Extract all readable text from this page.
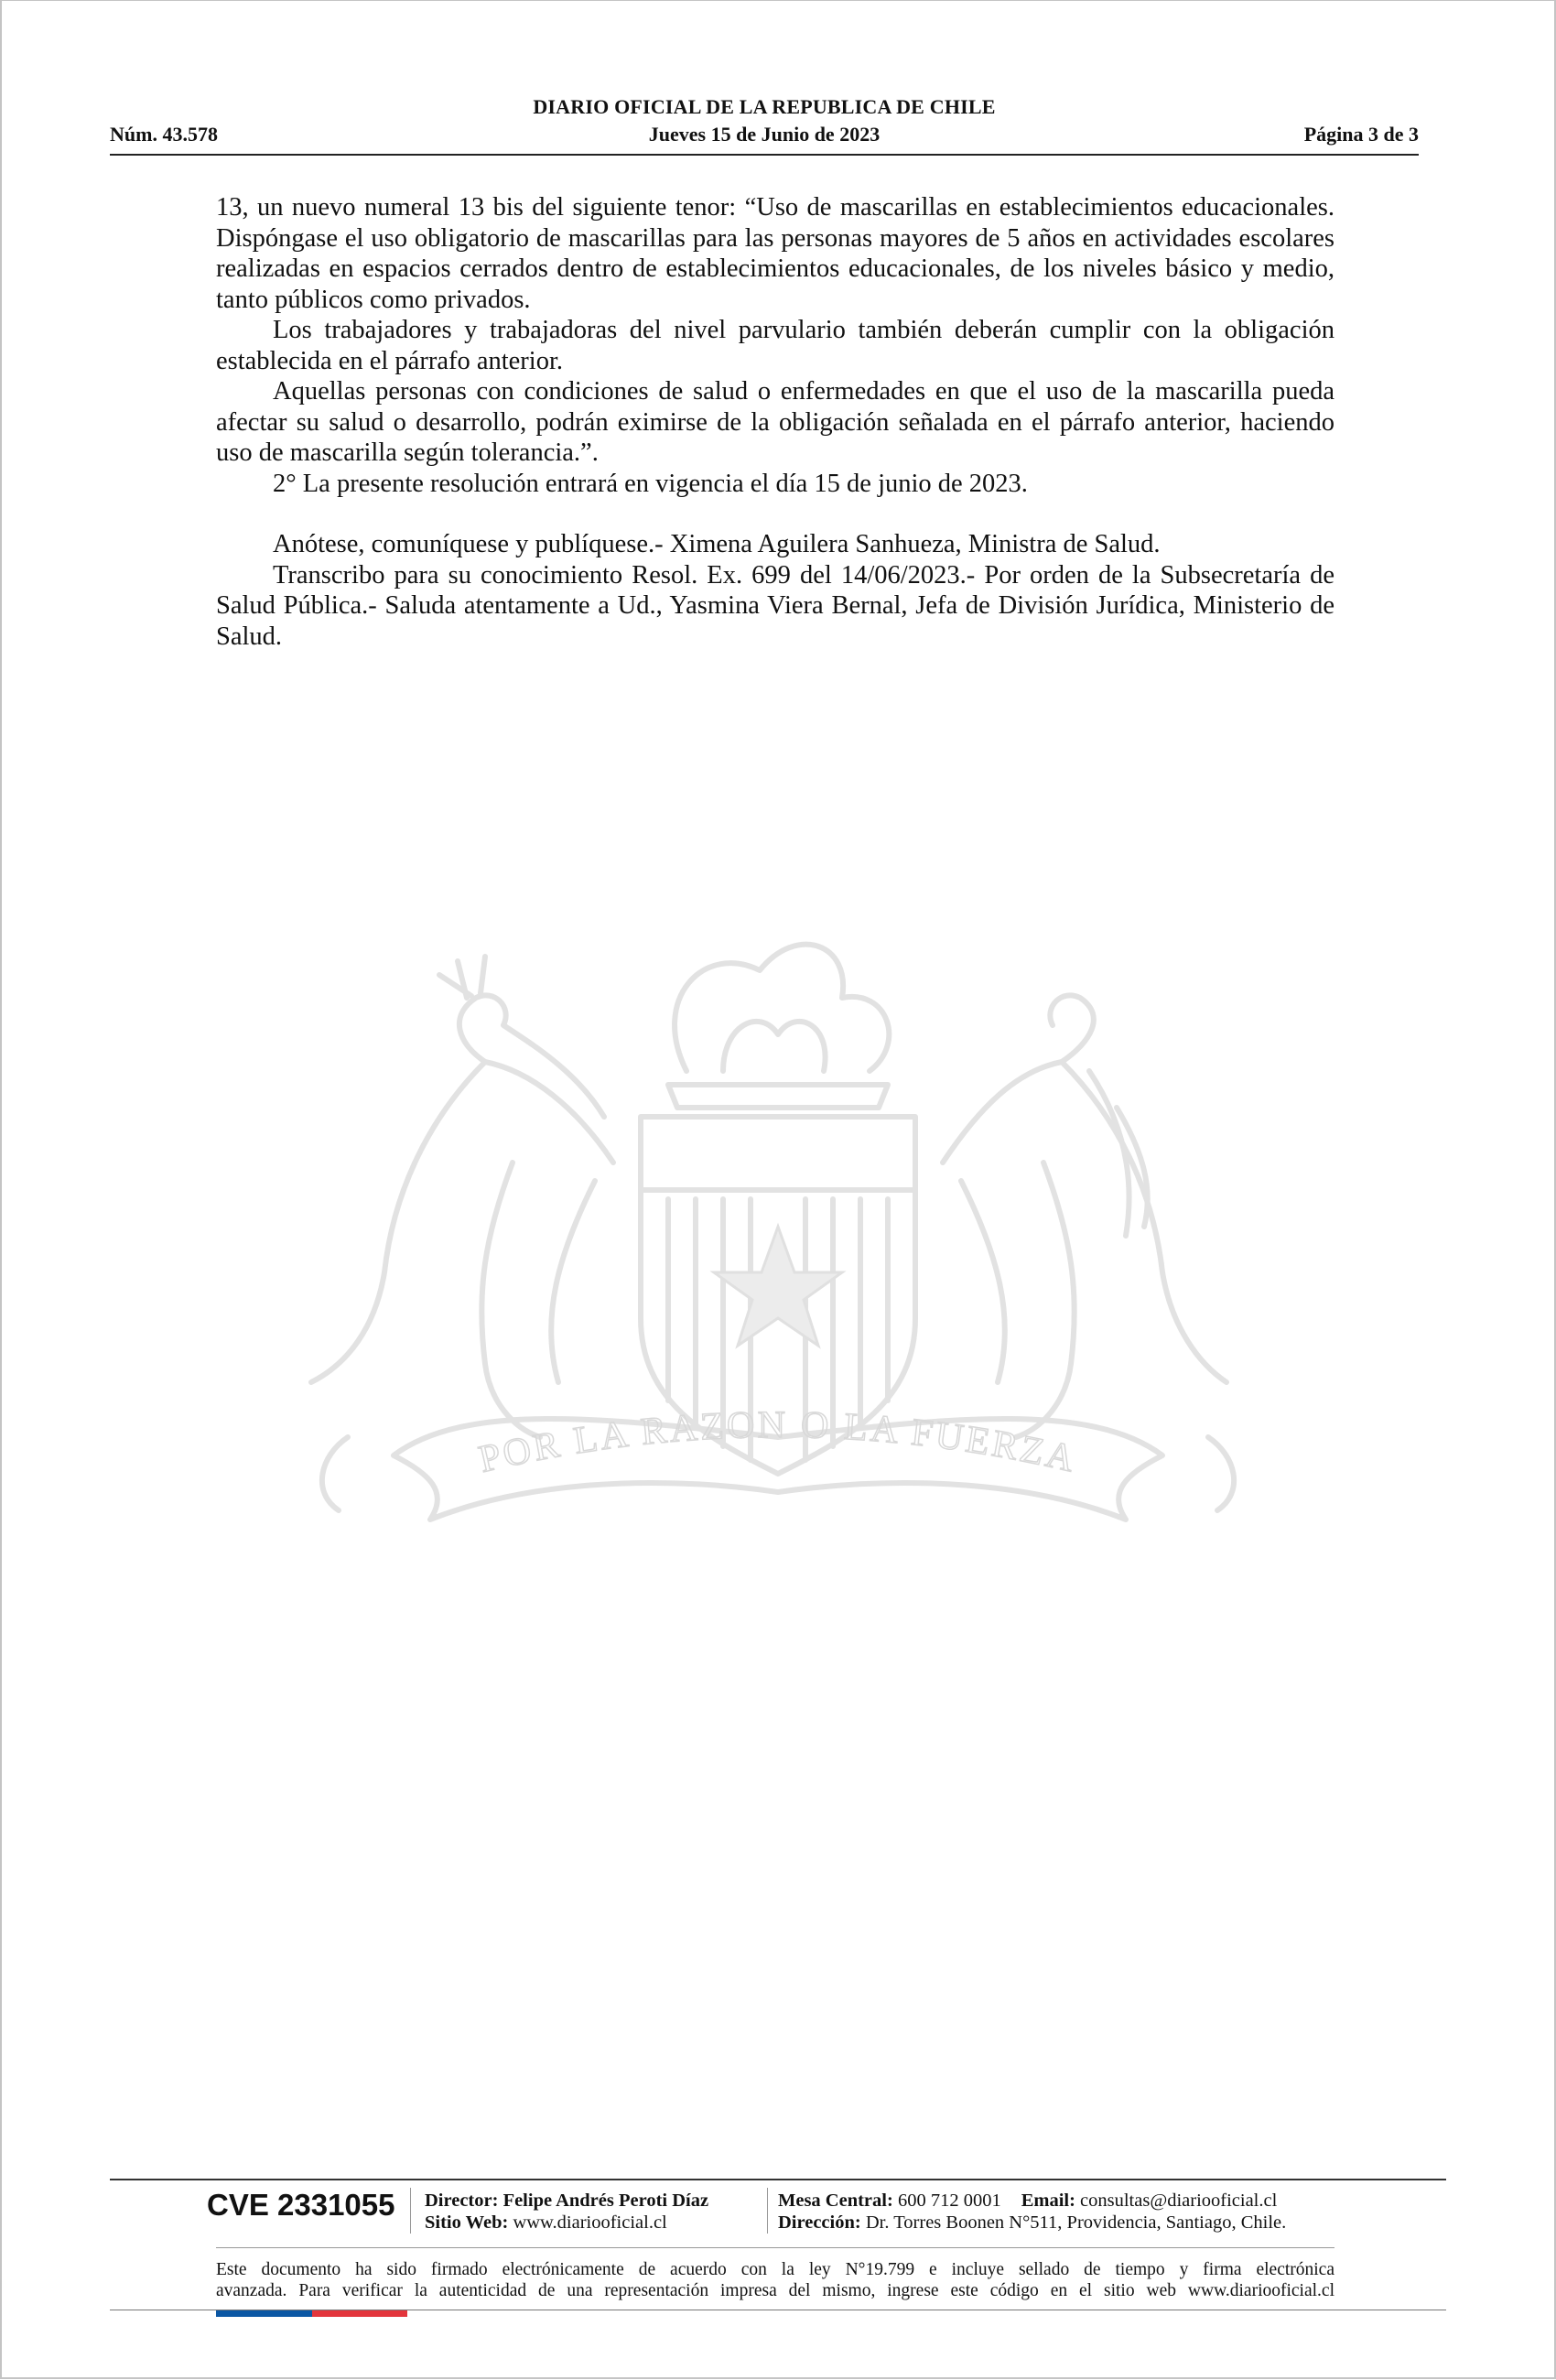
DIARIO OFICIAL DE LA REPUBLICA DE CHILE
Jueves 15 de Junio de 2023
Núm. 43.578	Página 3 de 3

13, un nuevo numeral 13 bis del siguiente tenor: “Uso de mascarillas en establecimientos educacionales. Dispóngase el uso obligatorio de mascarillas para las personas mayores de 5 años en actividades escolares realizadas en espacios cerrados dentro de establecimientos educacionales, de los niveles básico y medio, tanto públicos como privados.

Los trabajadores y trabajadoras del nivel parvulario también deberán cumplir con la obligación establecida en el párrafo anterior.

Aquellas personas con condiciones de salud o enfermedades en que el uso de la mascarilla pueda afectar su salud o desarrollo, podrán eximirse de la obligación señalada en el párrafo anterior, haciendo uso de mascarilla según tolerancia.”.

2° La presente resolución entrará en vigencia el día 15 de junio de 2023.

Anótese, comuníquese y publíquese.- Ximena Aguilera Sanhueza, Ministra de Salud.

Transcribo para su conocimiento Resol. Ex. 699 del 14/06/2023.- Por orden de la Subsecretaría de Salud Pública.- Saluda atentamente a Ud., Yasmina Viera Bernal, Jefa de División Jurídica, Ministerio de Salud.

POR LA RAZON O LA FUERZA
CVE 2331055 Director: Felipe Andrés Peroti Díaz
Sitio Web: www.diariooficial.cl
Mesa Central: 600 712 0001 Email: consultas@diariooficial.cl
Dirección: Dr. Torres Boonen N°511, Providencia, Santiago, Chile.
Este documento ha sido firmado electrónicamente de acuerdo con la ley N°19.799 e incluye sellado de tiempo y firma electrónica
avanzada. Para verificar la autenticidad de una representación impresa del mismo, ingrese este código en el sitio web www.diariooficial.cl
